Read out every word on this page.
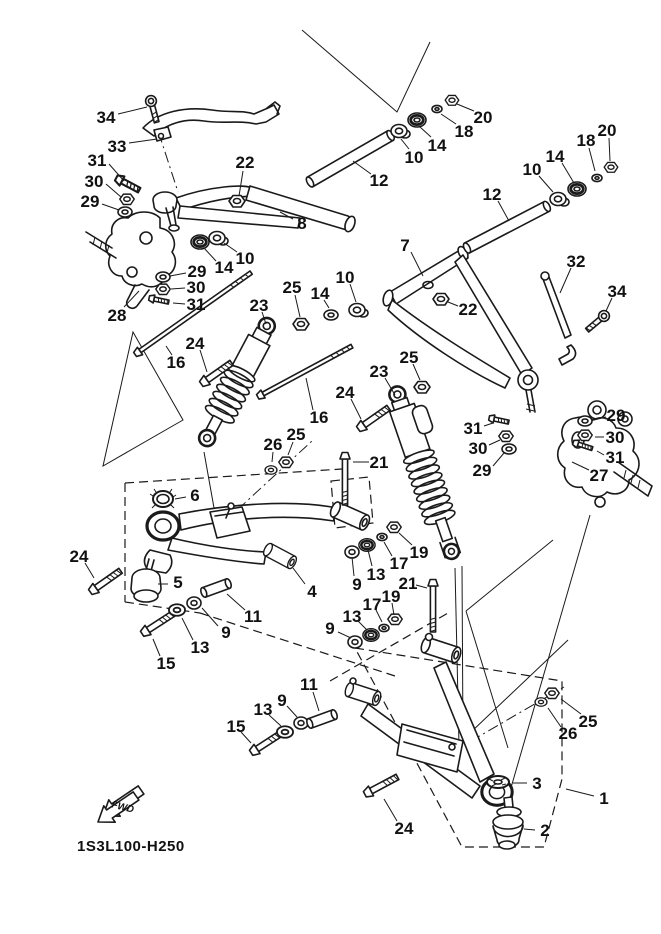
34
33
31
30
29
22
8
12
10
14
18
20
10
14
18
20
12
7
32
34
22
10
14
28
29
30
31
25
23
14
10
24
16
16
26
25
24
23
25
6
5	4
24
11
9
13
15
21
19
17
13
9 21
19
17
13
9
11
9
13
15	25
26
3
1
2
24
27
29
30
31
31
30
29
FWD
1S3L100-H250
